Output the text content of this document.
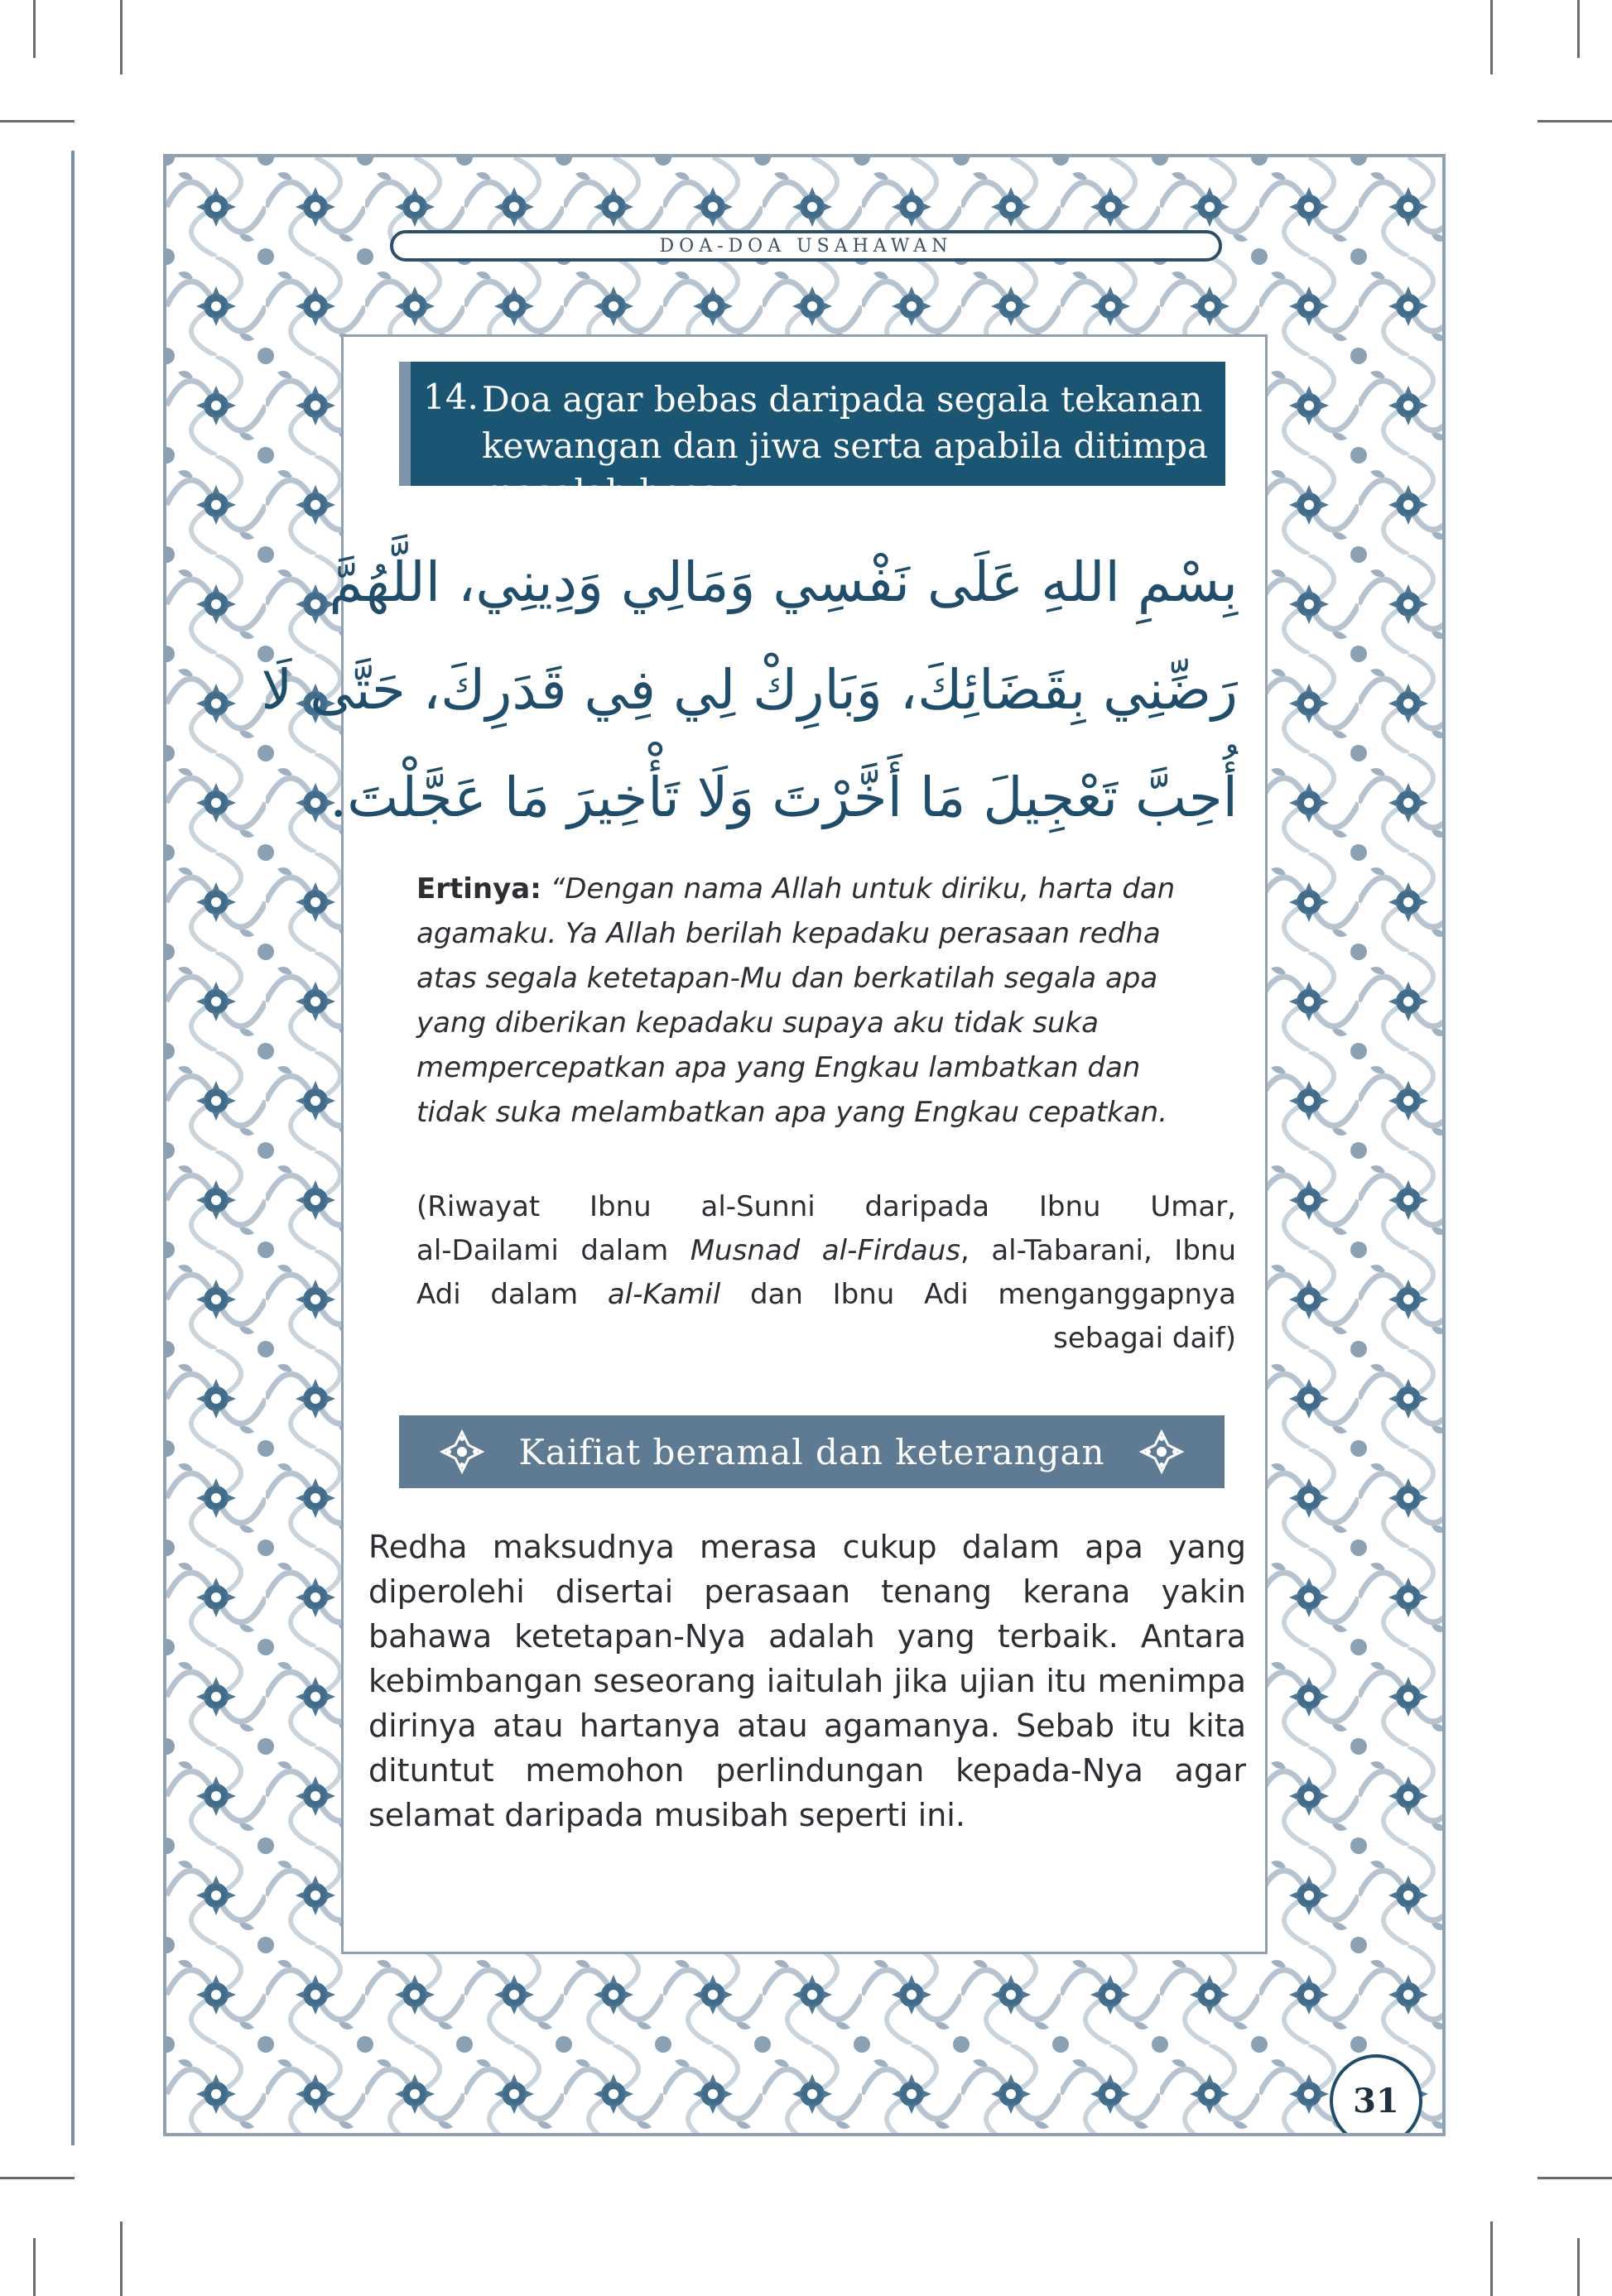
DOA-DOA USAHAWAN
14. Doa agar bebas daripada segala tekanan
kewangan dan jiwa serta apabila ditimpa
masalah besar
بِسْمِ اللهِ عَلَى نَفْسِي وَمَالِي وَدِينِي، اللَّهُمَّ
رَضِّنِي بِقَضَائِكَ، وَبَارِكْ لِي فِي قَدَرِكَ، حَتَّى لَا
أُحِبَّ تَعْجِيلَ مَا أَخَّرْتَ وَلَا تَأْخِيرَ مَا عَجَّلْتَ.
Ertinya: “Dengan nama Allah untuk diriku, harta dan
agamaku. Ya Allah berilah kepadaku perasaan redha
atas segala ketetapan-Mu dan berkatilah segala apa
yang diberikan kepadaku supaya aku tidak suka
mempercepatkan apa yang Engkau lambatkan dan
tidak suka melambatkan apa yang Engkau cepatkan.
(Riwayat Ibnu al-Sunni daripada Ibnu Umar,
al-Dailami dalam Musnad al-Firdaus, al-Tabarani, Ibnu
Adi dalam al-Kamil dan Ibnu Adi menganggapnya
sebagai daif)
Kaifiat beramal dan keterangan
Redha maksudnya merasa cukup dalam apa yang
diperolehi disertai perasaan tenang kerana yakin
bahawa ketetapan-Nya adalah yang terbaik. Antara
kebimbangan seseorang iaitulah jika ujian itu menimpa
dirinya atau hartanya atau agamanya. Sebab itu kita
dituntut memohon perlindungan kepada-Nya agar
selamat daripada musibah seperti ini.
31
